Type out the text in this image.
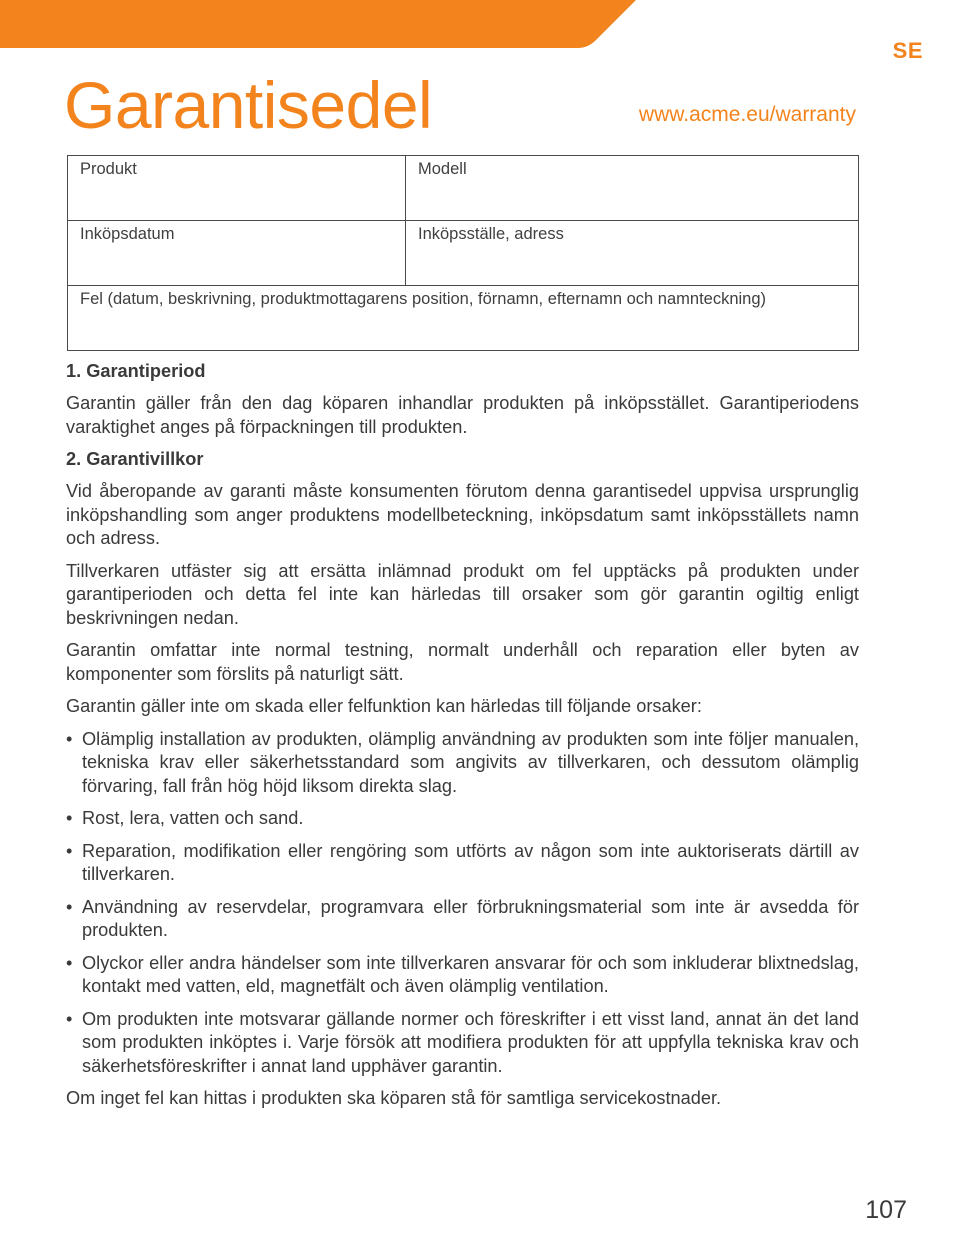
SE
Garantisedel	www.acme.eu/warranty
Produkt	Modell
Inköpsdatum	Inköpsställe, adress
Fel (datum, beskrivning, produktmottagarens position, förnamn, efternamn och namnteckning)	
1. Garantiperiod

Garantin gäller från den dag köparen inhandlar produkten på inköpsstället. Garantiperiodens varaktighet anges på förpackningen till produkten.

2. Garantivillkor

Vid åberopande av garanti måste konsumenten förutom denna garantisedel uppvisa ursprunglig inköpshandling som anger produktens modellbeteckning, inköpsdatum samt inköpsställets namn och adress.

Tillverkaren utfäster sig att ersätta inlämnad produkt om fel upptäcks på produkten under garantiperioden och detta fel inte kan härledas till orsaker som gör garantin ogiltig enligt beskrivningen nedan.

Garantin omfattar inte normal testning, normalt underhåll och reparation eller byten av komponenter som förslits på naturligt sätt.

Garantin gäller inte om skada eller felfunktion kan härledas till följande orsaker:

• Olämplig installation av produkten, olämplig användning av produkten som inte följer manualen, tekniska krav eller säkerhetsstandard som angivits av tillverkaren, och dessutom olämplig förvaring, fall från hög höjd liksom direkta slag.
• Rost, lera, vatten och sand.
• Reparation, modifikation eller rengöring som utförts av någon som inte auktoriserats därtill av tillverkaren.
• Användning av reservdelar, programvara eller förbrukningsmaterial som inte är avsedda för produkten.
• Olyckor eller andra händelser som inte tillverkaren ansvarar för och som inkluderar blixtnedslag, kontakt med vatten, eld, magnetfält och även olämplig ventilation.
• Om produkten inte motsvarar gällande normer och föreskrifter i ett visst land, annat än det land som produkten inköptes i. Varje försök att modifiera produkten för att uppfylla tekniska krav och säkerhetsföreskrifter i annat land upphäver garantin.

Om inget fel kan hittas i produkten ska köparen stå för samtliga servicekostnader.

107
